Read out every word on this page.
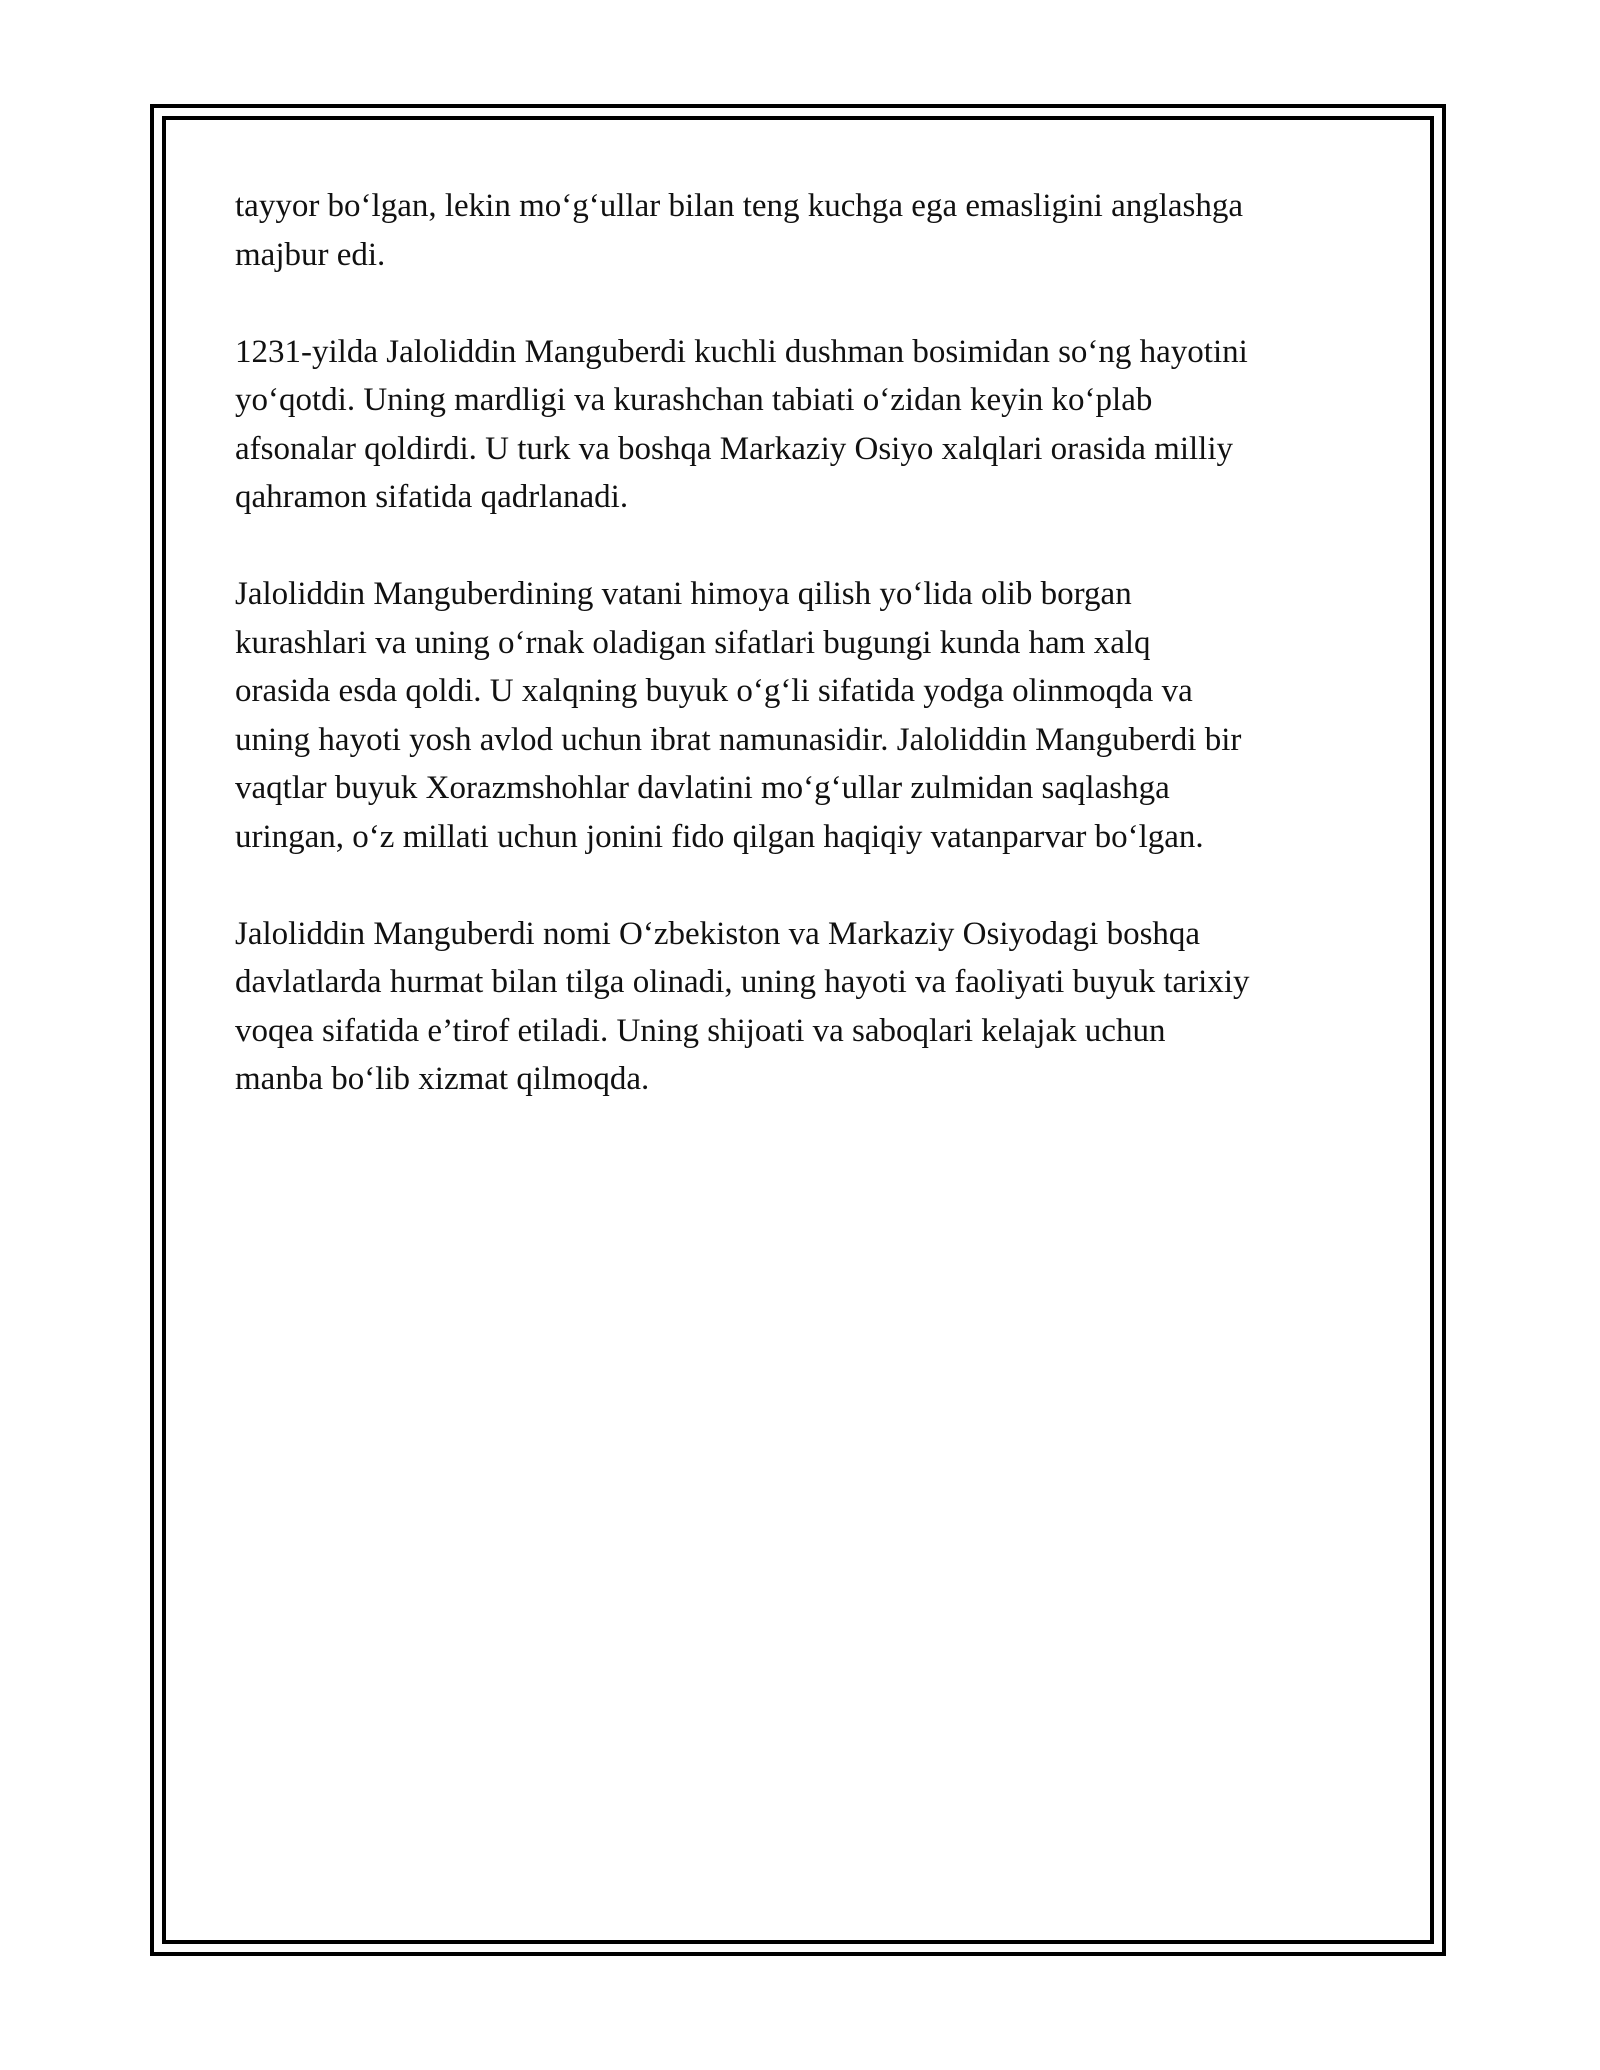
tayyor bo‘lgan, lekin mo‘g‘ullar bilan teng kuchga ega emasligini anglashga
majbur edi.

1231-yilda Jaloliddin Manguberdi kuchli dushman bosimidan so‘ng hayotini
yo‘qotdi. Uning mardligi va kurashchan tabiati o‘zidan keyin ko‘plab
afsonalar qoldirdi. U turk va boshqa Markaziy Osiyo xalqlari orasida milliy
qahramon sifatida qadrlanadi.

Jaloliddin Manguberdining vatani himoya qilish yo‘lida olib borgan
kurashlari va uning o‘rnak oladigan sifatlari bugungi kunda ham xalq
orasida esda qoldi. U xalqning buyuk o‘g‘li sifatida yodga olinmoqda va
uning hayoti yosh avlod uchun ibrat namunasidir. Jaloliddin Manguberdi bir
vaqtlar buyuk Xorazmshohlar davlatini mo‘g‘ullar zulmidan saqlashga
uringan, o‘z millati uchun jonini fido qilgan haqiqiy vatanparvar bo‘lgan.

Jaloliddin Manguberdi nomi O‘zbekiston va Markaziy Osiyodagi boshqa
davlatlarda hurmat bilan tilga olinadi, uning hayoti va faoliyati buyuk tarixiy
voqea sifatida e’tirof etiladi. Uning shijoati va saboqlari kelajak uchun
manba bo‘lib xizmat qilmoqda.
